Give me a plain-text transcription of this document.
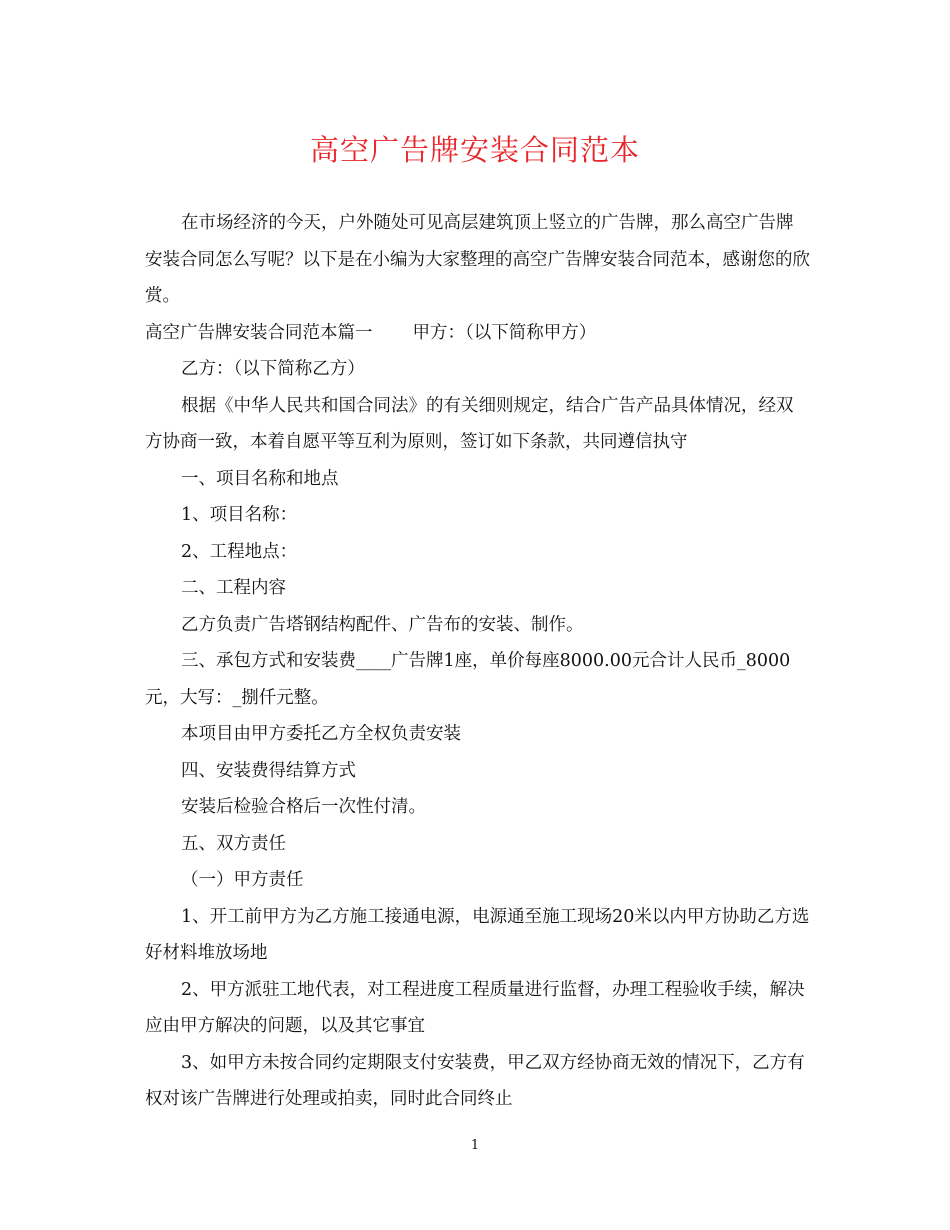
高空广告牌安装合同范本

在市场经济的今天，户外随处可见高层建筑顶上竖立的广告牌，那么高空广告牌安装合同怎么写呢？以下是在小编为大家整理的高空广告牌安装合同范本，感谢您的欣赏。

高空广告牌安装合同范本篇一 甲方：（以下简称甲方）

乙方：（以下简称乙方）

根据《中华人民共和国合同法》的有关细则规定，结合广告产品具体情况，经双方协商一致，本着自愿平等互利为原则，签订如下条款，共同遵信执守

一、项目名称和地点

1、项目名称：

2、工程地点：

二、工程内容

乙方负责广告塔钢结构配件、广告布的安装、制作。

三、承包方式和安装费____广告牌1座，单价每座8000.00元合计人民币_8000元，大写：_捌仟元整。

本项目由甲方委托乙方全权负责安装

四、安装费得结算方式

安装后检验合格后一次性付清。

五、双方责任

（一）甲方责任

1、开工前甲方为乙方施工接通电源，电源通至施工现场20米以内甲方协助乙方选好材料堆放场地

2、甲方派驻工地代表，对工程进度工程质量进行监督，办理工程验收手续，解决应由甲方解决的问题，以及其它事宜

3、如甲方未按合同约定期限支付安装费，甲乙双方经协商无效的情况下，乙方有权对该广告牌进行处理或拍卖，同时此合同终止

1
